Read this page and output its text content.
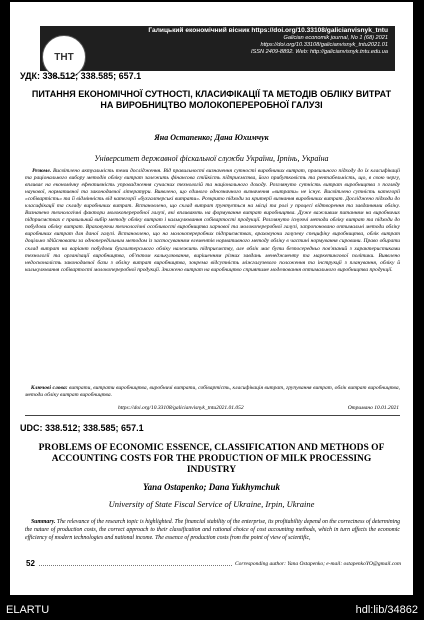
ТНТ
Галицький економічний вісник https://doi.org/10.33108/galicianvisnyk_tntu
Galician economik journal, No 1 (68) 2021
https://doi.org/10.33108/galicianvisnyk_tntu2021.01
ISSN 2409-8892. Web: http://galicianvisnyk.tntu.edu.ua
УДК: 338.512; 338.585; 657.1
ПИТАННЯ ЕКОНОМІЧНОЇ СУТНОСТІ, КЛАСИФІКАЦІЇ ТА МЕТОДІВ ОБЛІКУ ВИТРАТ НА ВИРОБНИЦТВО МОЛОКОПЕРЕРОБНОЇ ГАЛУЗІ
Яна Остапенко; Дана Юхимчук
Університет державної фіскальної служби України, Ірпінь, Україна
Резюме. Висвітлено актуальність теми дослідження. Від правильності визначення сутності виробничих витрат, правильного підходу до їх класифікації та раціонального вибору методів обліку витрат залежить фінансова стійкість підприємства, його прибутковість та рентабельність, що, в свою чергу, впливає на економічну ефективність упровадження сучасних технологій та національного доходу. Розглянуто сутність витрат виробництва з погляду наукової, нормативної та законодавчої літератури. Виявлено, що єдиного однозначного визначення «витрати» не існує. Висвітлено сутність категорії «собівартість» та її відмінність від категорії «бухгалтерські витрати». Розкрито підходи за критерії визнання виробничих витрат. Досліджено підходи до класифікації та складу виробничих витрат. Встановлено, що склад витрат ґрунтується на місці та ролі у процесі відтворення та завданнями обліку. Визначено технологічні фактори молокопереробної галузі, які впливають на формування витрат виробництва. Дуже важливим питанням на виробничих підприємствах є правильний вибір методу обліку витрат і калькулювання собівартості продукції. Розглянуто існуючі методи обліку витрат та підходи до побудови обліку витрат. Враховуючи технологічні особливості виробництва харчової та молокопереробної галузі, запропоновано оптимальні методи обліку виробничих витрат для даної галузі. Встановлено, що на молокопереробних підприємствах, враховуючи галузеву специфіку виробництва, облік витрат доцільно здійснювати за однопередільним методом із застосуванням елементів нормативного методу обліку в частині нормування сировини. Право обирати склад витрат на варіант побудови бухгалтерського обліку належить підприємству, але облік має бути безпосередньо пов'язаний з характеристиками технології та організації виробництва, об'єктом калькулювання, вирішенням різних завдань менеджменту та маркетингової політики. Виявлено недосконалість законодавчої бази з обліку витрат виробництва, зокрема відсутність міжгалузевого положення та інструкції з планування, обліку й калькулювання собівартості молокопереробної продукції. Знижено витрат на виробництво сприятиме моделювання оптимального виробництва продукції.
Ключові слова: витрати, витрати виробництва, виробничі витрати, собівартість, класифікація витрат, групування витрат, облік витрат виробництва, методи обліку витрат виробництва.
https://doi.org/10.33108/galicianvisnyk_tntu2021.01.052	Отримано 10.01.2021
UDC: 338.512; 338.585; 657.1
PROBLEMS OF ECONOMIC ESSENCE, CLASSIFICATION AND METHODS OF ACCOUNTING COSTS FOR THE PRODUCTION OF MILK PROCESSING INDUSTRY
Yana Ostapenko; Dana Yukhymchuk
University of State Fiscal Service of Ukraine, Irpin, Ukraine
Summary. The relevance of the research topic is highlighted. The financial stability of the enterprise, its profitability depend on the correctness of determining the nature of production costs, the correct approach to their classification and rational choice of cost accounting methods, which in turn affects the economic efficiency of modern technologies and national income. The essence of production costs from the point of view of scientific,
52	Corresponding author: Yana Ostapenko; e-mail: ostapenkoYO@gmail.com
ELARTU	hdl:lib/34862
